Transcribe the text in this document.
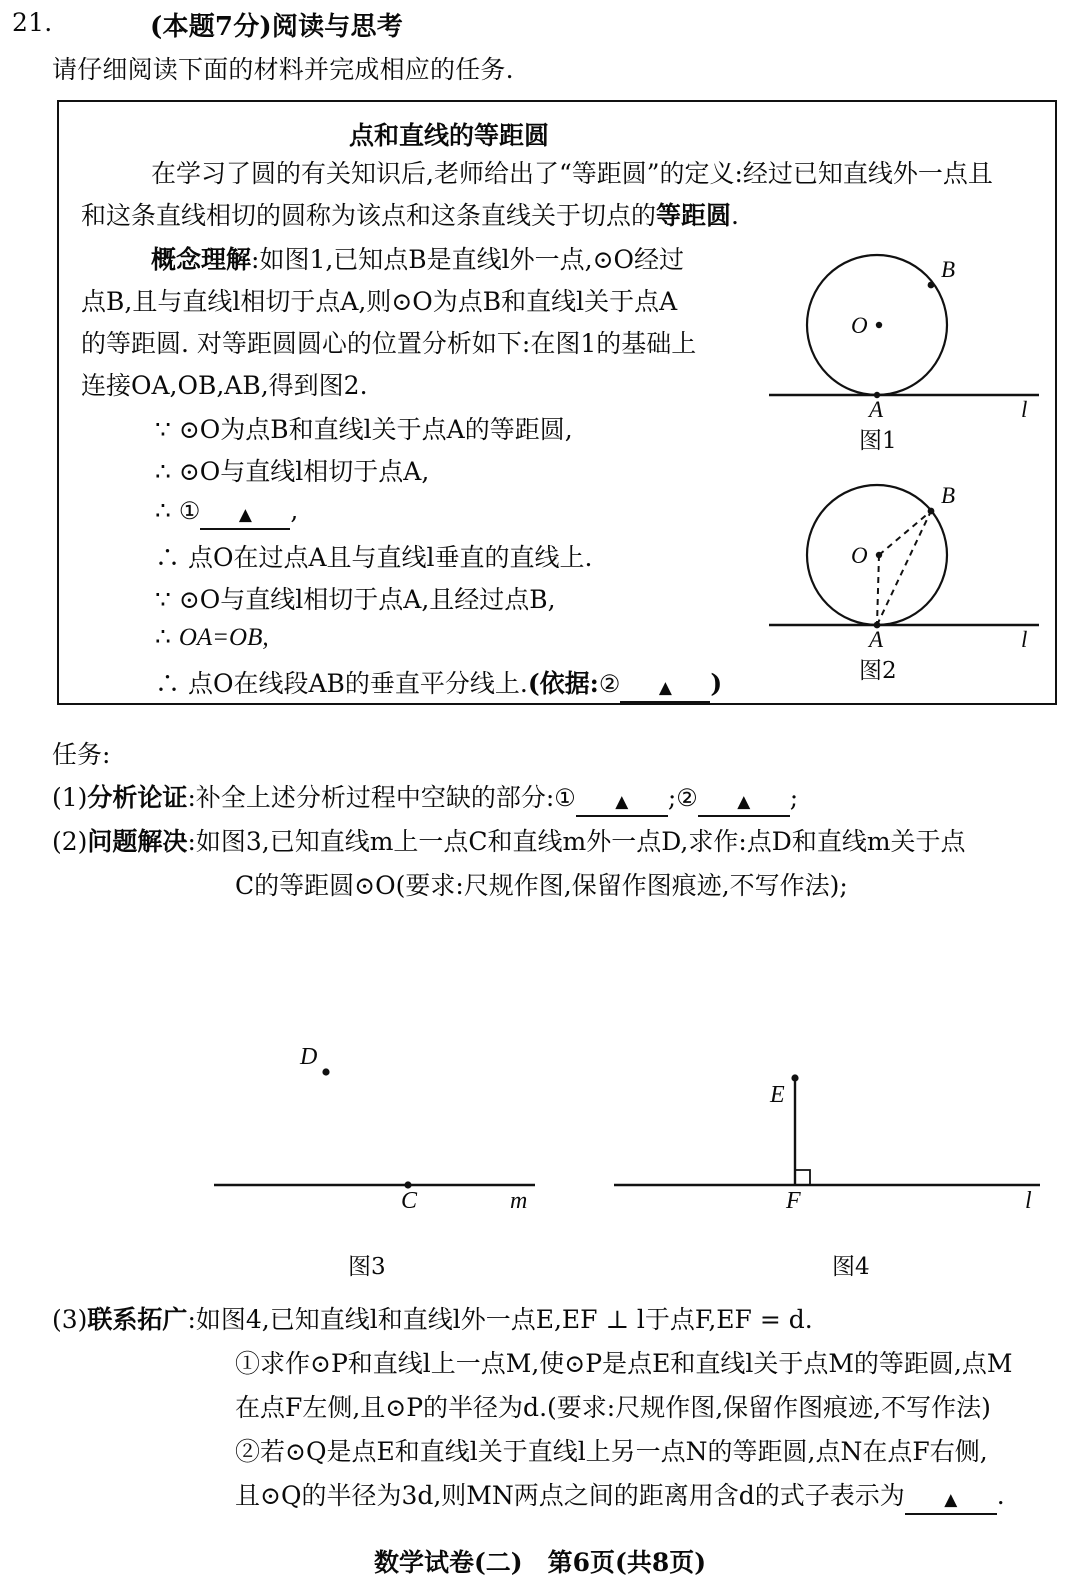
21.	(本题7分)阅读与思考
请仔细阅读下面的材料并完成相应的任务.
点和直线的等距圆
在学习了圆的有关知识后,老师给出了“等距圆”的定义:经过已知直线外一点且
和这条直线相切的圆称为该点和这条直线关于切点的等距圆.
概念理解:如图1,已知点B是直线l外一点,⊙O经过
点B,且与直线l相切于点A,则⊙O为点B和直线l关于点A
的等距圆. 对等距圆圆心的位置分析如下:在图1的基础上
连接OA,OB,AB,得到图2.
∵ ⊙O为点B和直线l关于点A的等距圆,
∴ ⊙O与直线l相切于点A,
∴ ① ▲ ,
∴ 点O在过点A且与直线l垂直的直线上.
∵ ⊙O与直线l相切于点A,且经过点B,
∴ OA=OB,
∴ 点O在线段AB的垂直平分线上.(依据:② ▲ )
O
A
B
l
图1
O
A
B
l
图2
任务:
(1)分析论证:补全上述分析过程中空缺的部分:① ▲ ;② ▲ ;
(2)问题解决:如图3,已知直线m上一点C和直线m外一点D,求作:点D和直线m关于点
C的等距圆⊙O(要求:尺规作图,保留作图痕迹,不写作法);
D
C	m
图3
E
F	l
图4
(3)联系拓广:如图4,已知直线l和直线l外一点E,EF ⊥ l于点F,EF = d.
①求作⊙P和直线l上一点M,使⊙P是点E和直线l关于点M的等距圆,点M
在点F左侧,且⊙P的半径为d.(要求:尺规作图,保留作图痕迹,不写作法)
②若⊙Q是点E和直线l关于直线l上另一点N的等距圆,点N在点F右侧,
且⊙Q的半径为3d,则MN两点之间的距离用含d的式子表示为 ▲ .
数学试卷(二)　第6页(共8页)
